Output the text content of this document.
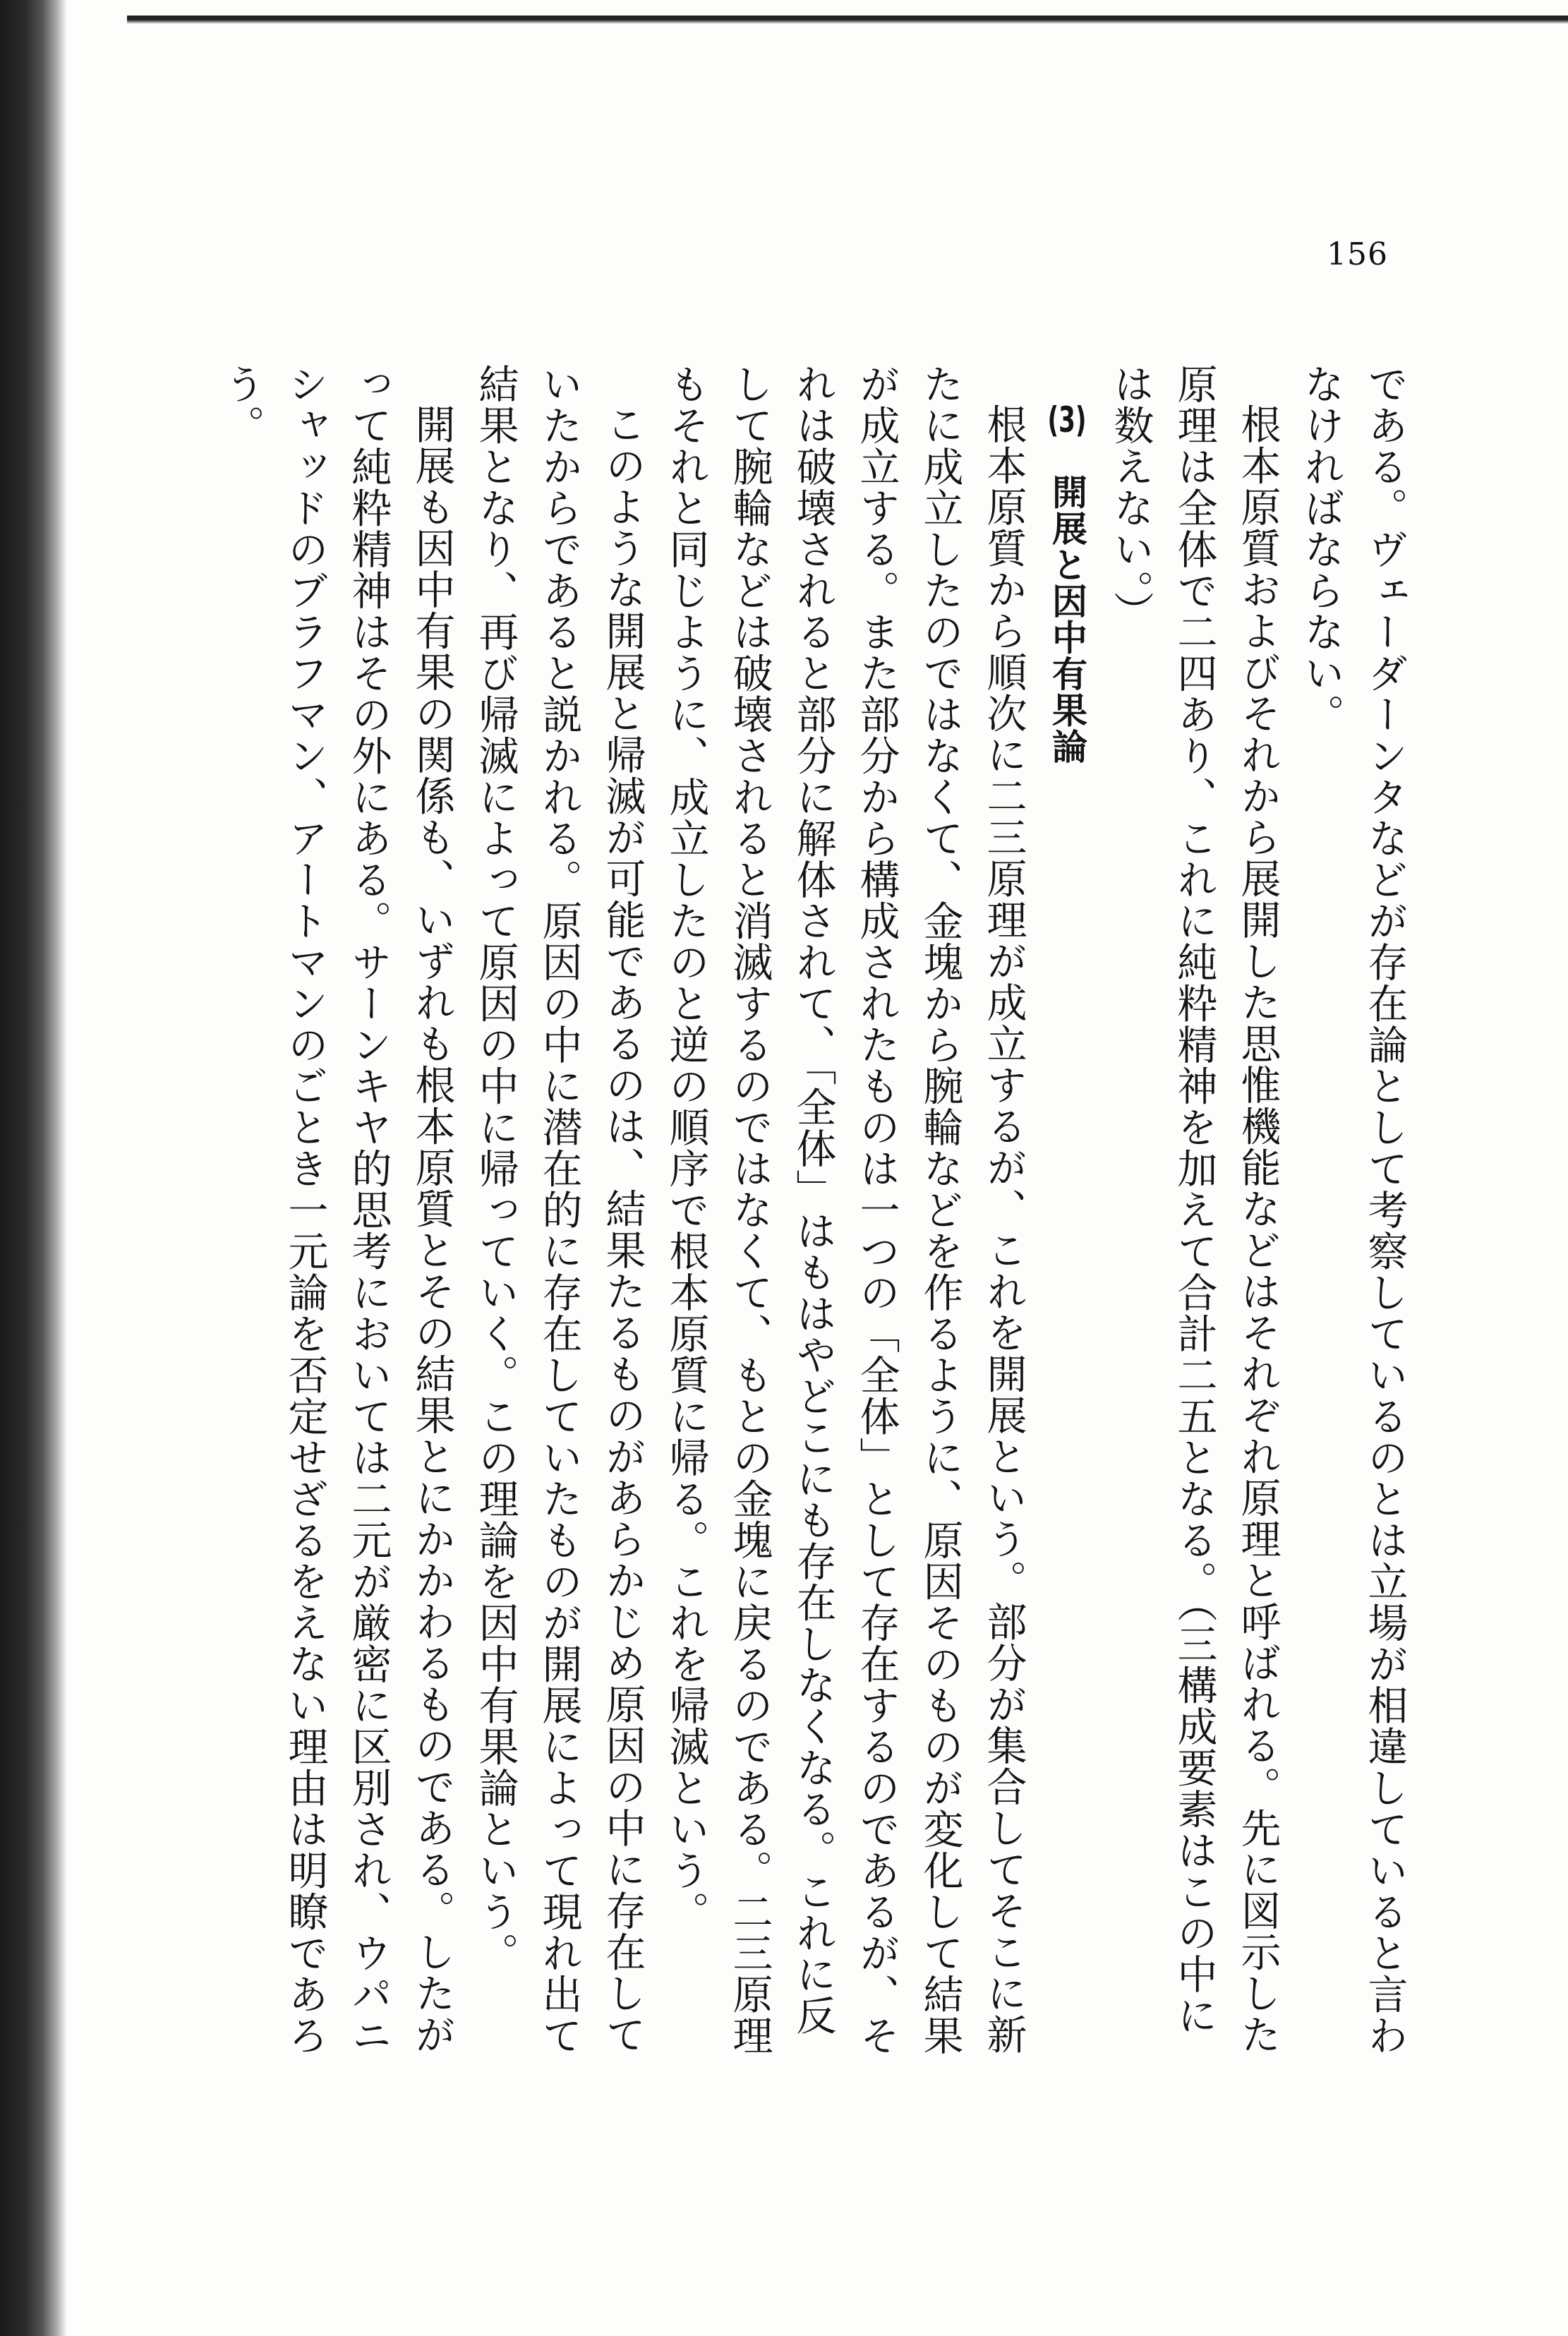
156

である。ヴェーダーンタなどが存在論として考察しているのとは立場が相違していると言わなければならない。

根本原質およびそれから展開した思惟機能などはそれぞれ原理と呼ばれる。先に図示した原理は全体で二四あり、これに純粋精神を加えて合計二五となる。（三構成要素はこの中には数えない。）

(3)　開展と因中有果論

根本原質から順次に二三原理が成立するが、これを開展という。部分が集合してそこに新たに成立したのではなくて、金塊から腕輪などを作るように、原因そのものが変化して結果が成立する。また部分から構成されたものは一つの「全体」として存在するのであるが、それは破壊されると部分に解体されて、「全体」はもはやどこにも存在しなくなる。これに反して腕輪などは破壊されると消滅するのではなくて、もとの金塊に戻るのである。二三原理もそれと同じように、成立したのと逆の順序で根本原質に帰る。これを帰滅という。

このような開展と帰滅が可能であるのは、結果たるものがあらかじめ原因の中に存在していたからであると説かれる。原因の中に潜在的に存在していたものが開展によって現れ出て結果となり、再び帰滅によって原因の中に帰っていく。この理論を因中有果論という。

開展も因中有果の関係も、いずれも根本原質とその結果とにかかわるものである。したがって純粋精神はその外にある。サーンキヤ的思考においては二元が厳密に区別され、ウパニシャッドのブラフマン、アートマンのごとき一元論を否定せざるをえない理由は明瞭であろう。
